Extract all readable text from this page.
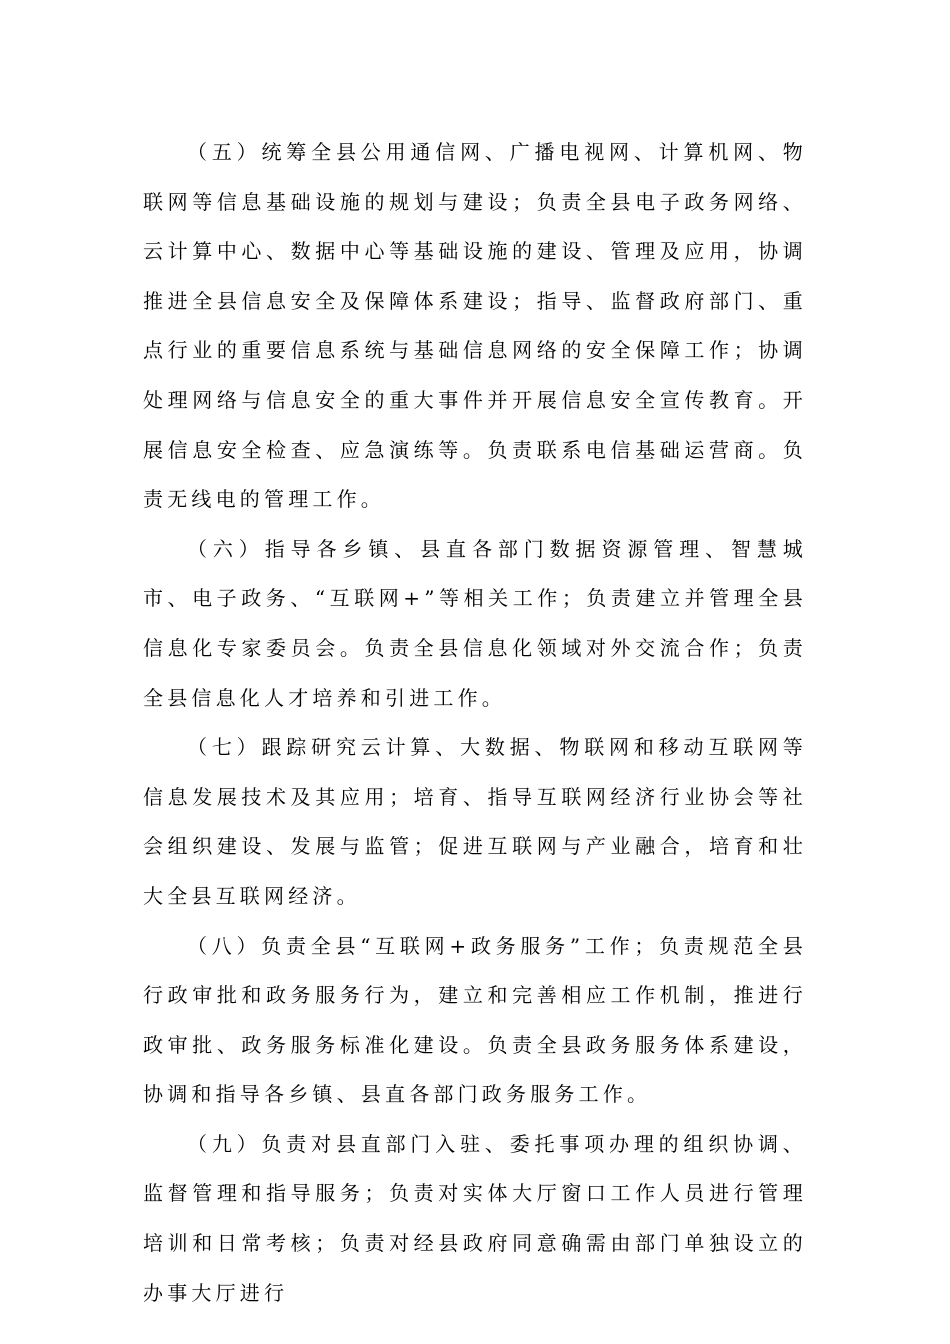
（五）统筹全县公用通信网、广播电视网、计算机网、物联网等信息基础设施的规划与建设；负责全县电子政务网络、云计算中心、数据中心等基础设施的建设、管理及应用，协调推进全县信息安全及保障体系建设；指导、监督政府部门、重点行业的重要信息系统与基础信息网络的安全保障工作；协调处理网络与信息安全的重大事件并开展信息安全宣传教育。开展信息安全检查、应急演练等。负责联系电信基础运营商。负责无线电的管理工作。

（六）指导各乡镇、县直各部门数据资源管理、智慧城市、电子政务、“互联网+”等相关工作；负责建立并管理全县信息化专家委员会。负责全县信息化领域对外交流合作；负责全县信息化人才培养和引进工作。

（七）跟踪研究云计算、大数据、物联网和移动互联网等信息发展技术及其应用；培育、指导互联网经济行业协会等社会组织建设、发展与监管；促进互联网与产业融合，培育和壮大全县互联网经济。

（八）负责全县“互联网+政务服务”工作；负责规范全县行政审批和政务服务行为，建立和完善相应工作机制，推进行政审批、政务服务标准化建设。负责全县政务服务体系建设，协调和指导各乡镇、县直各部门政务服务工作。

（九）负责对县直部门入驻、委托事项办理的组织协调、监督管理和指导服务；负责对实体大厅窗口工作人员进行管理培训和日常考核；负责对经县政府同意确需由部门单独设立的办事大厅进行
